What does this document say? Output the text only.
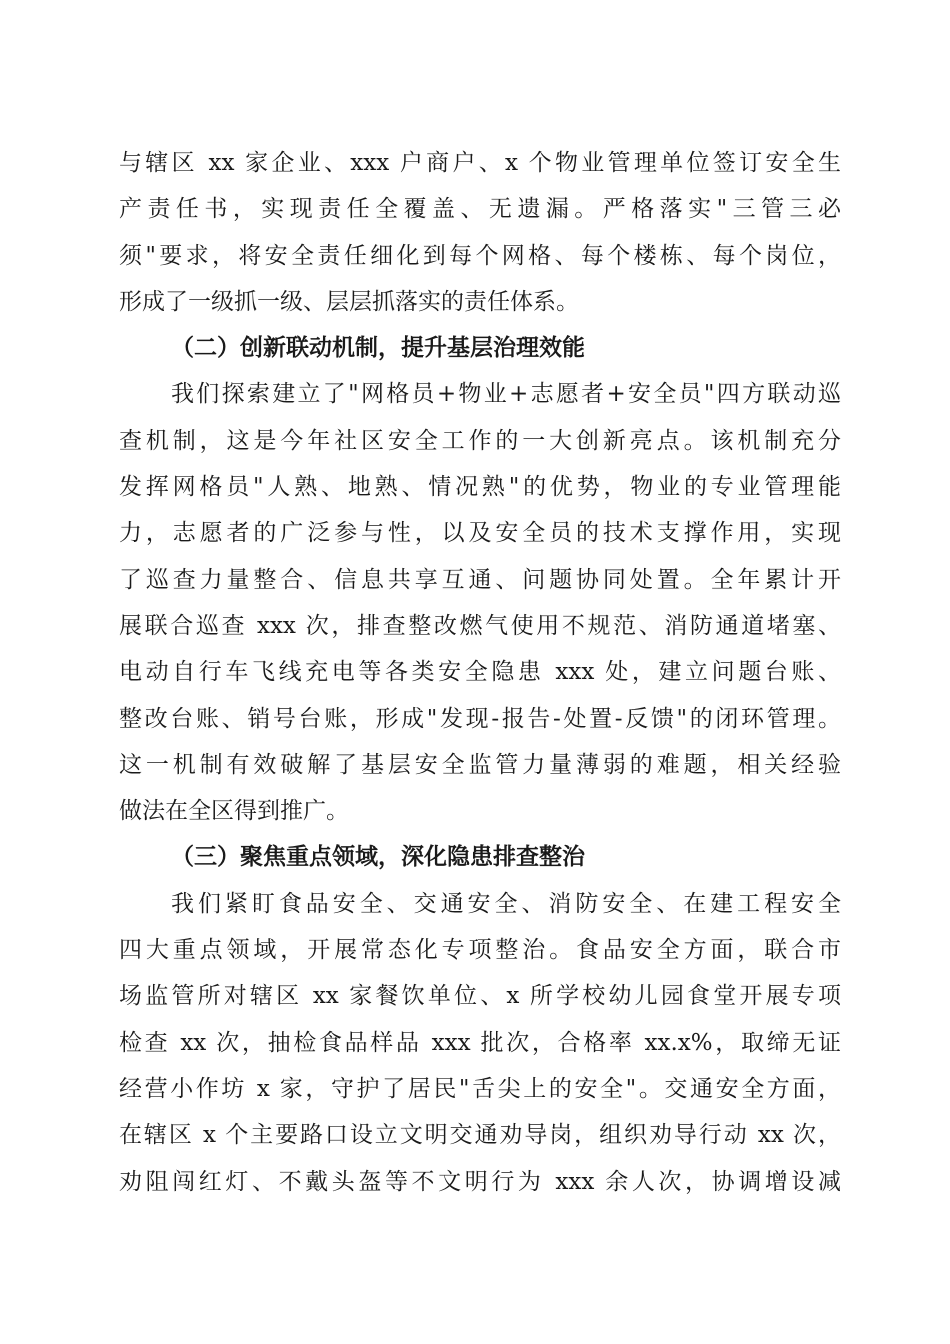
与辖区 xx 家企业、xxx 户商户、x 个物业管理单位签订安全生
产责任书，实现责任全覆盖、无遗漏。严格落实"三管三必
须"要求，将安全责任细化到每个网格、每个楼栋、每个岗位，
形成了一级抓一级、层层抓落实的责任体系。
（二）创新联动机制，提升基层治理效能
我们探索建立了"网格员+物业+志愿者+安全员"四方联动巡
查机制，这是今年社区安全工作的一大创新亮点。该机制充分
发挥网格员"人熟、地熟、情况熟"的优势，物业的专业管理能
力，志愿者的广泛参与性，以及安全员的技术支撑作用，实现
了巡查力量整合、信息共享互通、问题协同处置。全年累计开
展联合巡查 xxx 次，排查整改燃气使用不规范、消防通道堵塞、
电动自行车飞线充电等各类安全隐患 xxx 处，建立问题台账、
整改台账、销号台账，形成"发现-报告-处置-反馈"的闭环管理。
这一机制有效破解了基层安全监管力量薄弱的难题，相关经验
做法在全区得到推广。
（三）聚焦重点领域，深化隐患排查整治
我们紧盯食品安全、交通安全、消防安全、在建工程安全
四大重点领域，开展常态化专项整治。食品安全方面，联合市
场监管所对辖区 xx 家餐饮单位、x 所学校幼儿园食堂开展专项
检查 xx 次，抽检食品样品 xxx 批次，合格率 xx.x%，取缔无证
经营小作坊 x 家，守护了居民"舌尖上的安全"。交通安全方面，
在辖区 x 个主要路口设立文明交通劝导岗，组织劝导行动 xx 次，
劝阻闯红灯、不戴头盔等不文明行为 xxx 余人次，协调增设减
